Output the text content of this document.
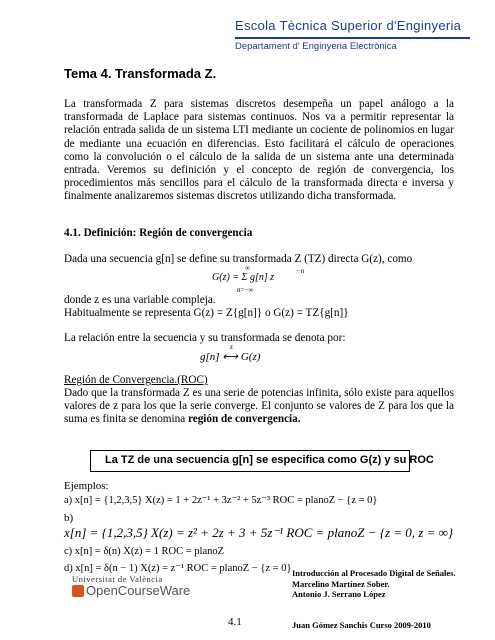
Escola Tècnica Superior d'Enginyeria
Departament d' Enginyeria Electrònica
Tema 4. Transformada Z.
La transformada Z para sistemas discretos desempeña un papel análogo a la transformada de Laplace para sistemas continuos. Nos va a permitir representar la relación entrada salida de un sistema LTI mediante un cociente de polinomios en lugar de mediante una ecuación en diferencias. Esto facilitará el cálculo de operaciones como la convolución o el cálculo de la salida de un sistema ante una determinada entrada. Veremos su definición y el concepto de región de convergencia, los procedimientos más sencillos para el cálculo de la transformada directa e inversa y finalmente analizaremos sistemas discretos utilizando dicha transformada.
4.1. Definición: Región de convergencia
Dada una secuencia g[n] se define su transformada Z (TZ) directa G(z), como
∞
G(z) = Σ g[n] z
−n
n=−∞
donde z es una variable compleja.
Habitualmente se representa G(z) = Z{g[n]} o G(z) = TZ{g[n]}
La relación entre la secuencia y su transformada se denota por:
g[n] ⟷ G(z)
z
Región de Convergencia.(ROC)
Dado que la transformada Z es una serie de potencias infinita, sólo existe para aquellos valores de z para los que la serie converge. El conjunto se valores de Z para los que la suma es finita se denomina región de convergencia.
La TZ de una secuencia g[n] se especifica como G(z) y su ROC
Ejemplos:
a) x[n] = {1,2,3,5} X(z) = 1 + 2z⁻¹ + 3z⁻² + 5z⁻³ ROC = planoZ − {z = 0}
b)
x[n] = {1,2,3,5} X(z) = z² + 2z + 3 + 5z⁻¹ ROC = planoZ − {z = 0, z = ∞}
c) x[n] = δ(n) X(z) = 1 ROC = planoZ
d) x[n] = δ(n − 1) X(z) = z⁻¹ ROC = planoZ − {z = 0}
Universitat de València
OpenCourseWare
Introducción al Procesado Digital de Señales.
Marcelino Martínez Sober.
Antonio J. Serrano López
4.1	Juan Gómez Sanchis Curso 2009-2010
